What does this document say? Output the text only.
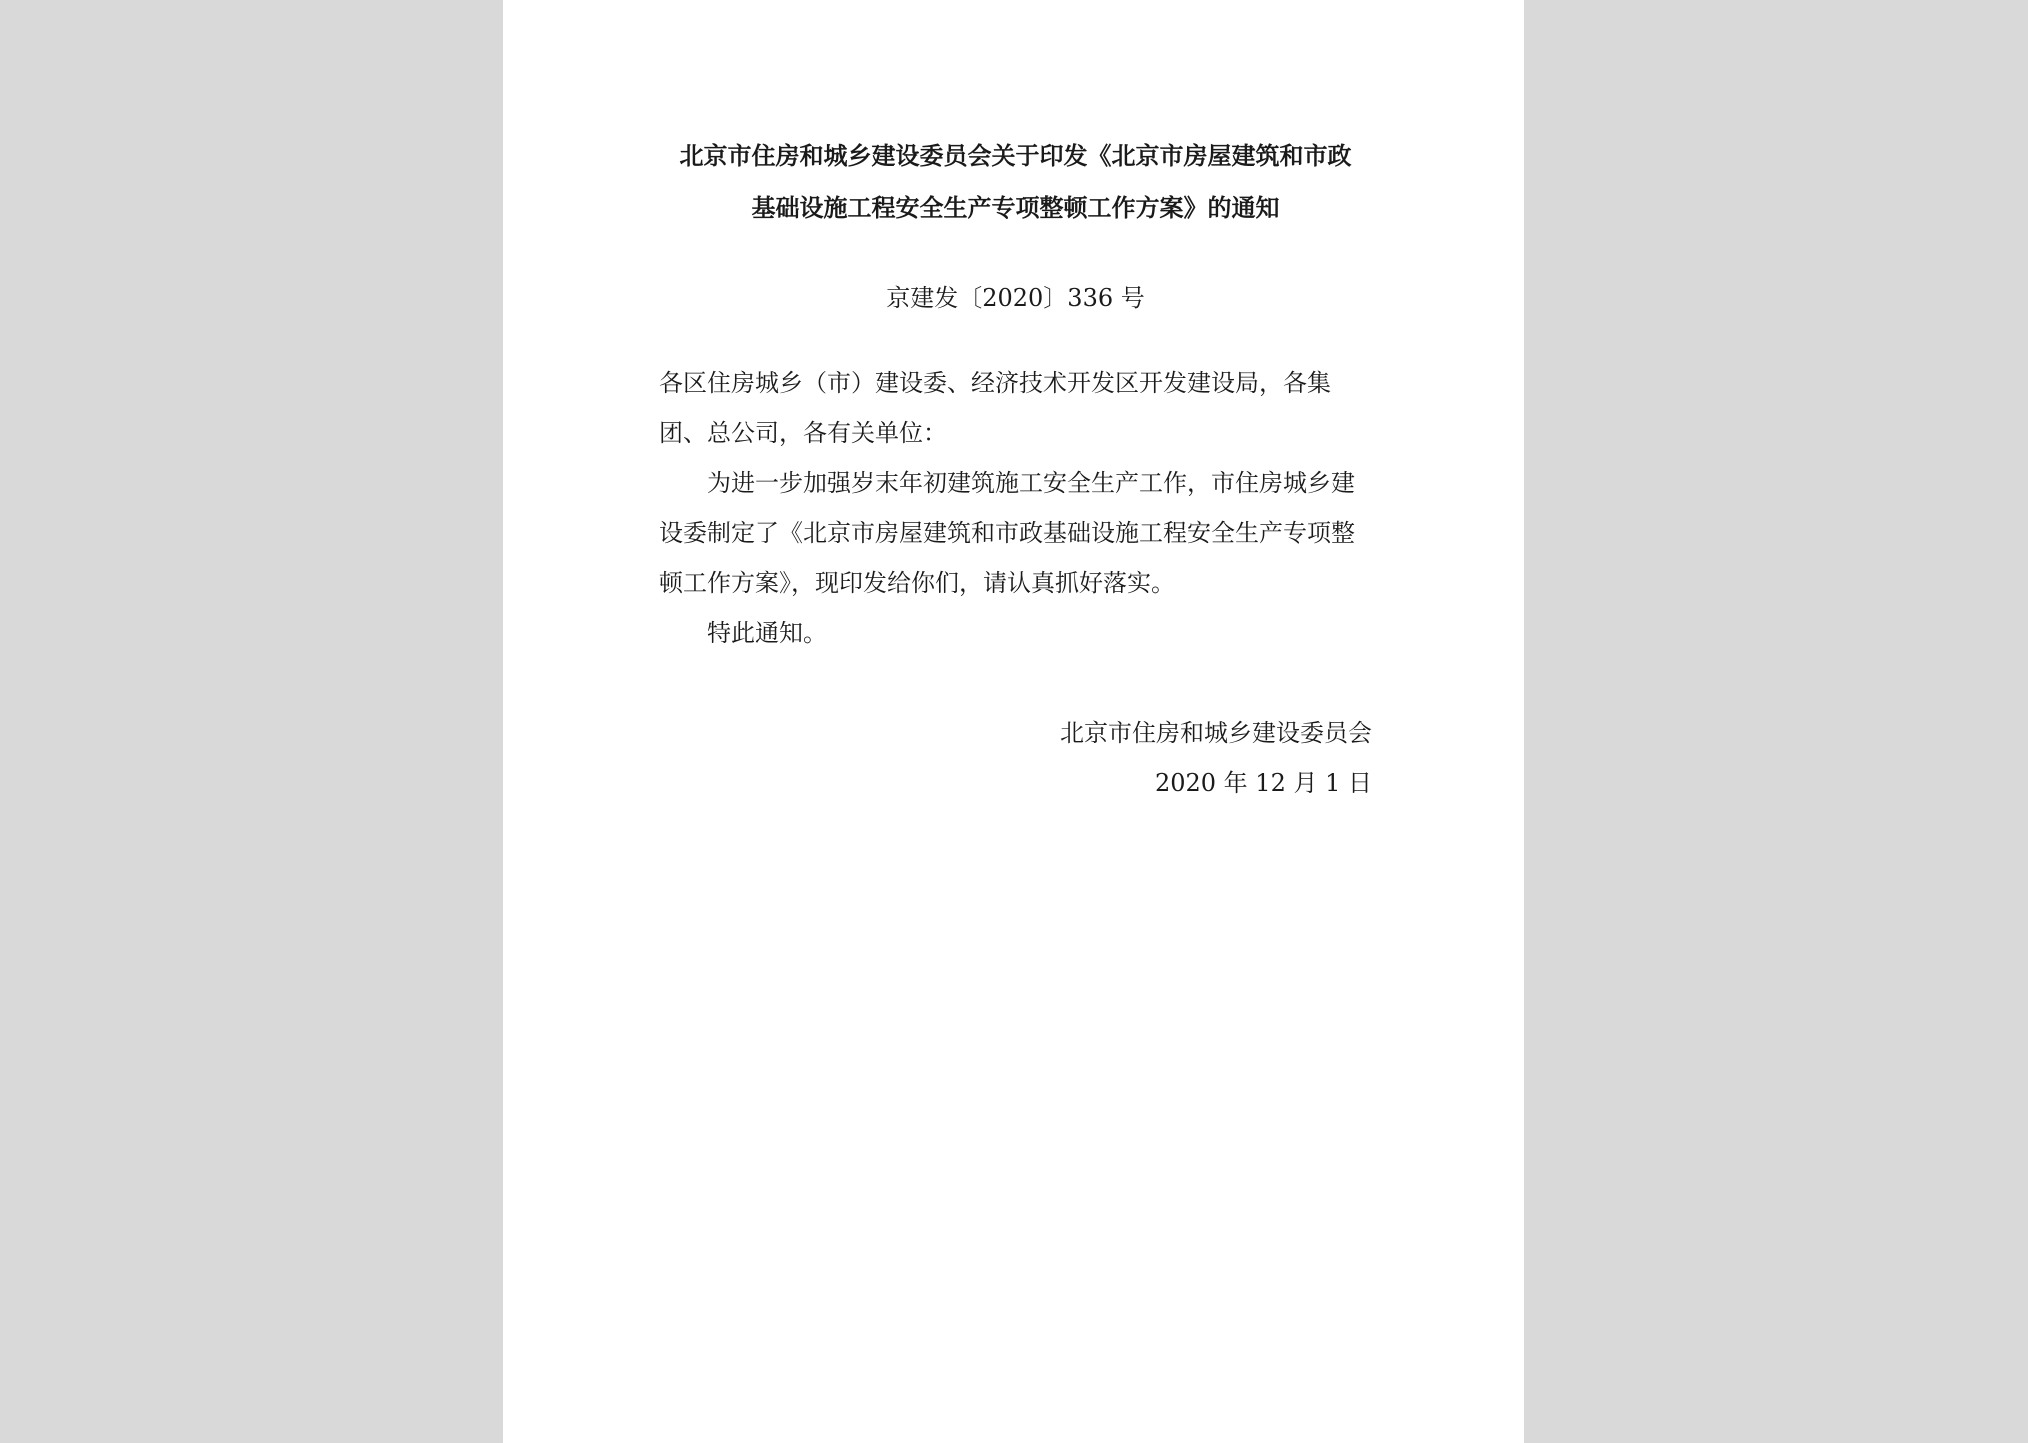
北京市住房和城乡建设委员会关于印发《北京市房屋建筑和市政
基础设施工程安全生产专项整顿工作方案》的通知
京建发〔2020〕336 号

各区住房城乡（市）建设委、经济技术开发区开发建设局，各集团、总公司，各有关单位：

为进一步加强岁末年初建筑施工安全生产工作，市住房城乡建设委制定了《北京市房屋建筑和市政基础设施工程安全生产专项整顿工作方案》，现印发给你们，请认真抓好落实。

特此通知。

北京市住房和城乡建设委员会
2020 年 12 月 1 日
